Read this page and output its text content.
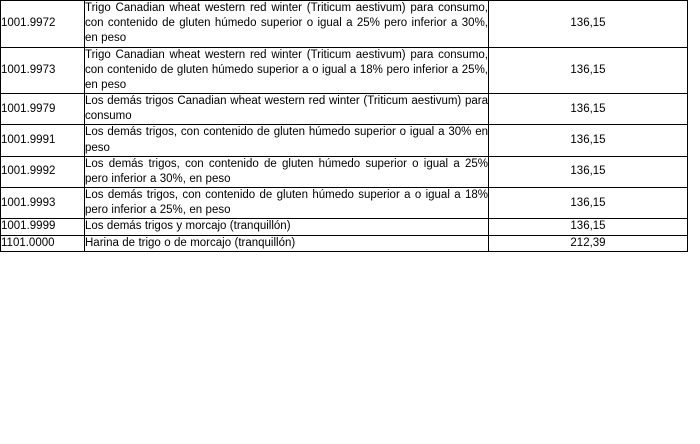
1001.9972	Trigo Canadian wheat western red winter (Triticum aestivum) para consumo, con contenido de gluten húmedo superior o igual a 25% pero inferior a 30%, en peso	136,15
1001.9973	Trigo Canadian wheat western red winter (Triticum aestivum) para consumo, con contenido de gluten húmedo superior a o igual a 18% pero inferior a 25%, en peso	136,15
1001.9979	Los demás trigos Canadian wheat western red winter (Triticum aestivum) para consumo	136,15
1001.9991	Los demás trigos, con contenido de gluten húmedo superior o igual a 30% en peso	136,15
1001.9992	Los demás trigos, con contenido de gluten húmedo superior o igual a 25% pero inferior a 30%, en peso	136,15
1001.9993	Los demás trigos, con contenido de gluten húmedo superior a o igual a 18% pero inferior a 25%, en peso	136,15
1001.9999	Los demás trigos y morcajo (tranquillón)	136,15
1101.0000	Harina de trigo o de morcajo (tranquillón)	212,39
